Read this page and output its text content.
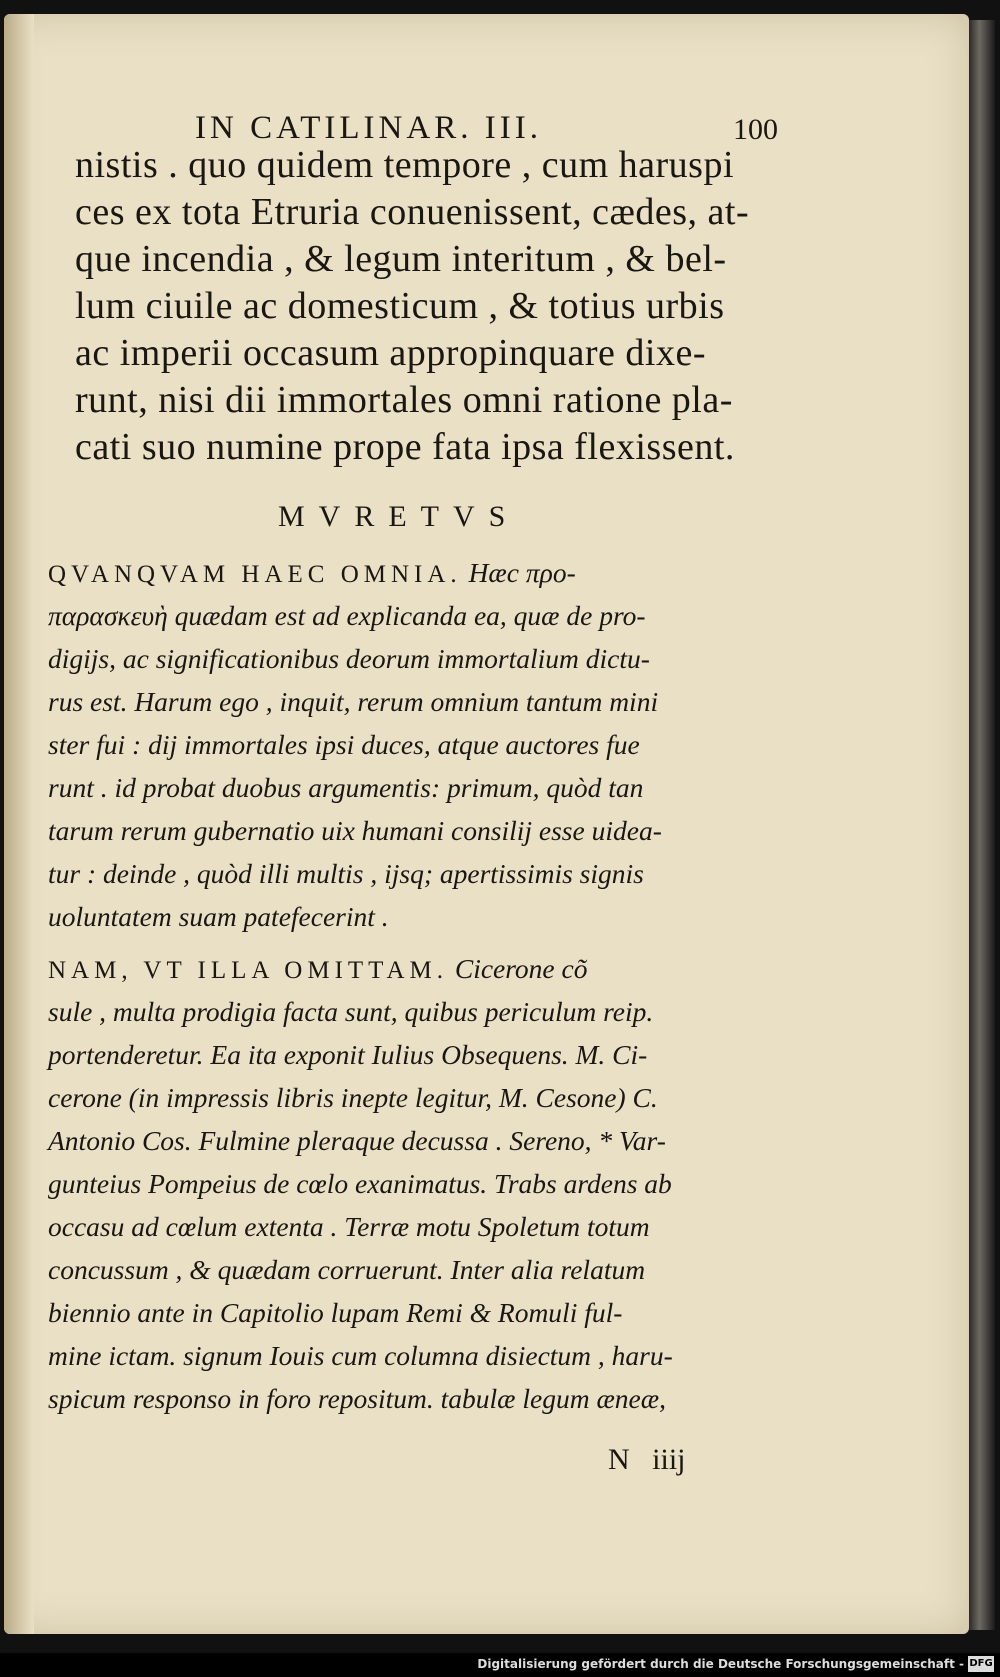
IN CATILINAR. III.	100
nistis . quo quidem tempore , cum haruspi
ces ex tota Etruria conuenissent, cædes, at-
que incendia , & legum interitum , & bel-
lum ciuile ac domesticum , & totius urbis
ac imperii occasum appropinquare dixe-
runt, nisi dii immortales omni ratione pla-
cati suo numine prope fata ipsa flexissent.
MVRETVS
QVANQVAM HAEC OMNIA. Hæc προ-
παρασκευὴ quædam est ad explicanda ea, quæ de pro-
digijs, ac significationibus deorum immortalium dictu-
rus est. Harum ego , inquit, rerum omnium tantum mini
ster fui : dij immortales ipsi duces, atque auctores fue
runt . id probat duobus argumentis: primum, quòd tan
tarum rerum gubernatio uix humani consilij esse uidea-
tur : deinde , quòd illi multis , ijsq; apertissimis signis
uoluntatem suam patefecerint .
NAM, VT ILLA OMITTAM. Cicerone cõ
sule , multa prodigia facta sunt, quibus periculum reip.
portenderetur. Ea ita exponit Iulius Obsequens. M. Ci-
cerone (in impressis libris inepte legitur, M. Cesone) C.
Antonio Cos. Fulmine pleraque decussa . Sereno, * Var-
gunteius Pompeius de cœlo exanimatus. Trabs ardens ab
occasu ad cœlum extenta . Terræ motu Spoletum totum
concussum , & quædam corruerunt. Inter alia relatum
biennio ante in Capitolio lupam Remi & Romuli ful-
mine ictam. signum Iouis cum columna disiectum , haru-
spicum responso in foro repositum. tabulæ legum æneæ,
N   iiij
Digitalisierung gefördert durch die Deutsche Forschungsgemeinschaft - DFG
